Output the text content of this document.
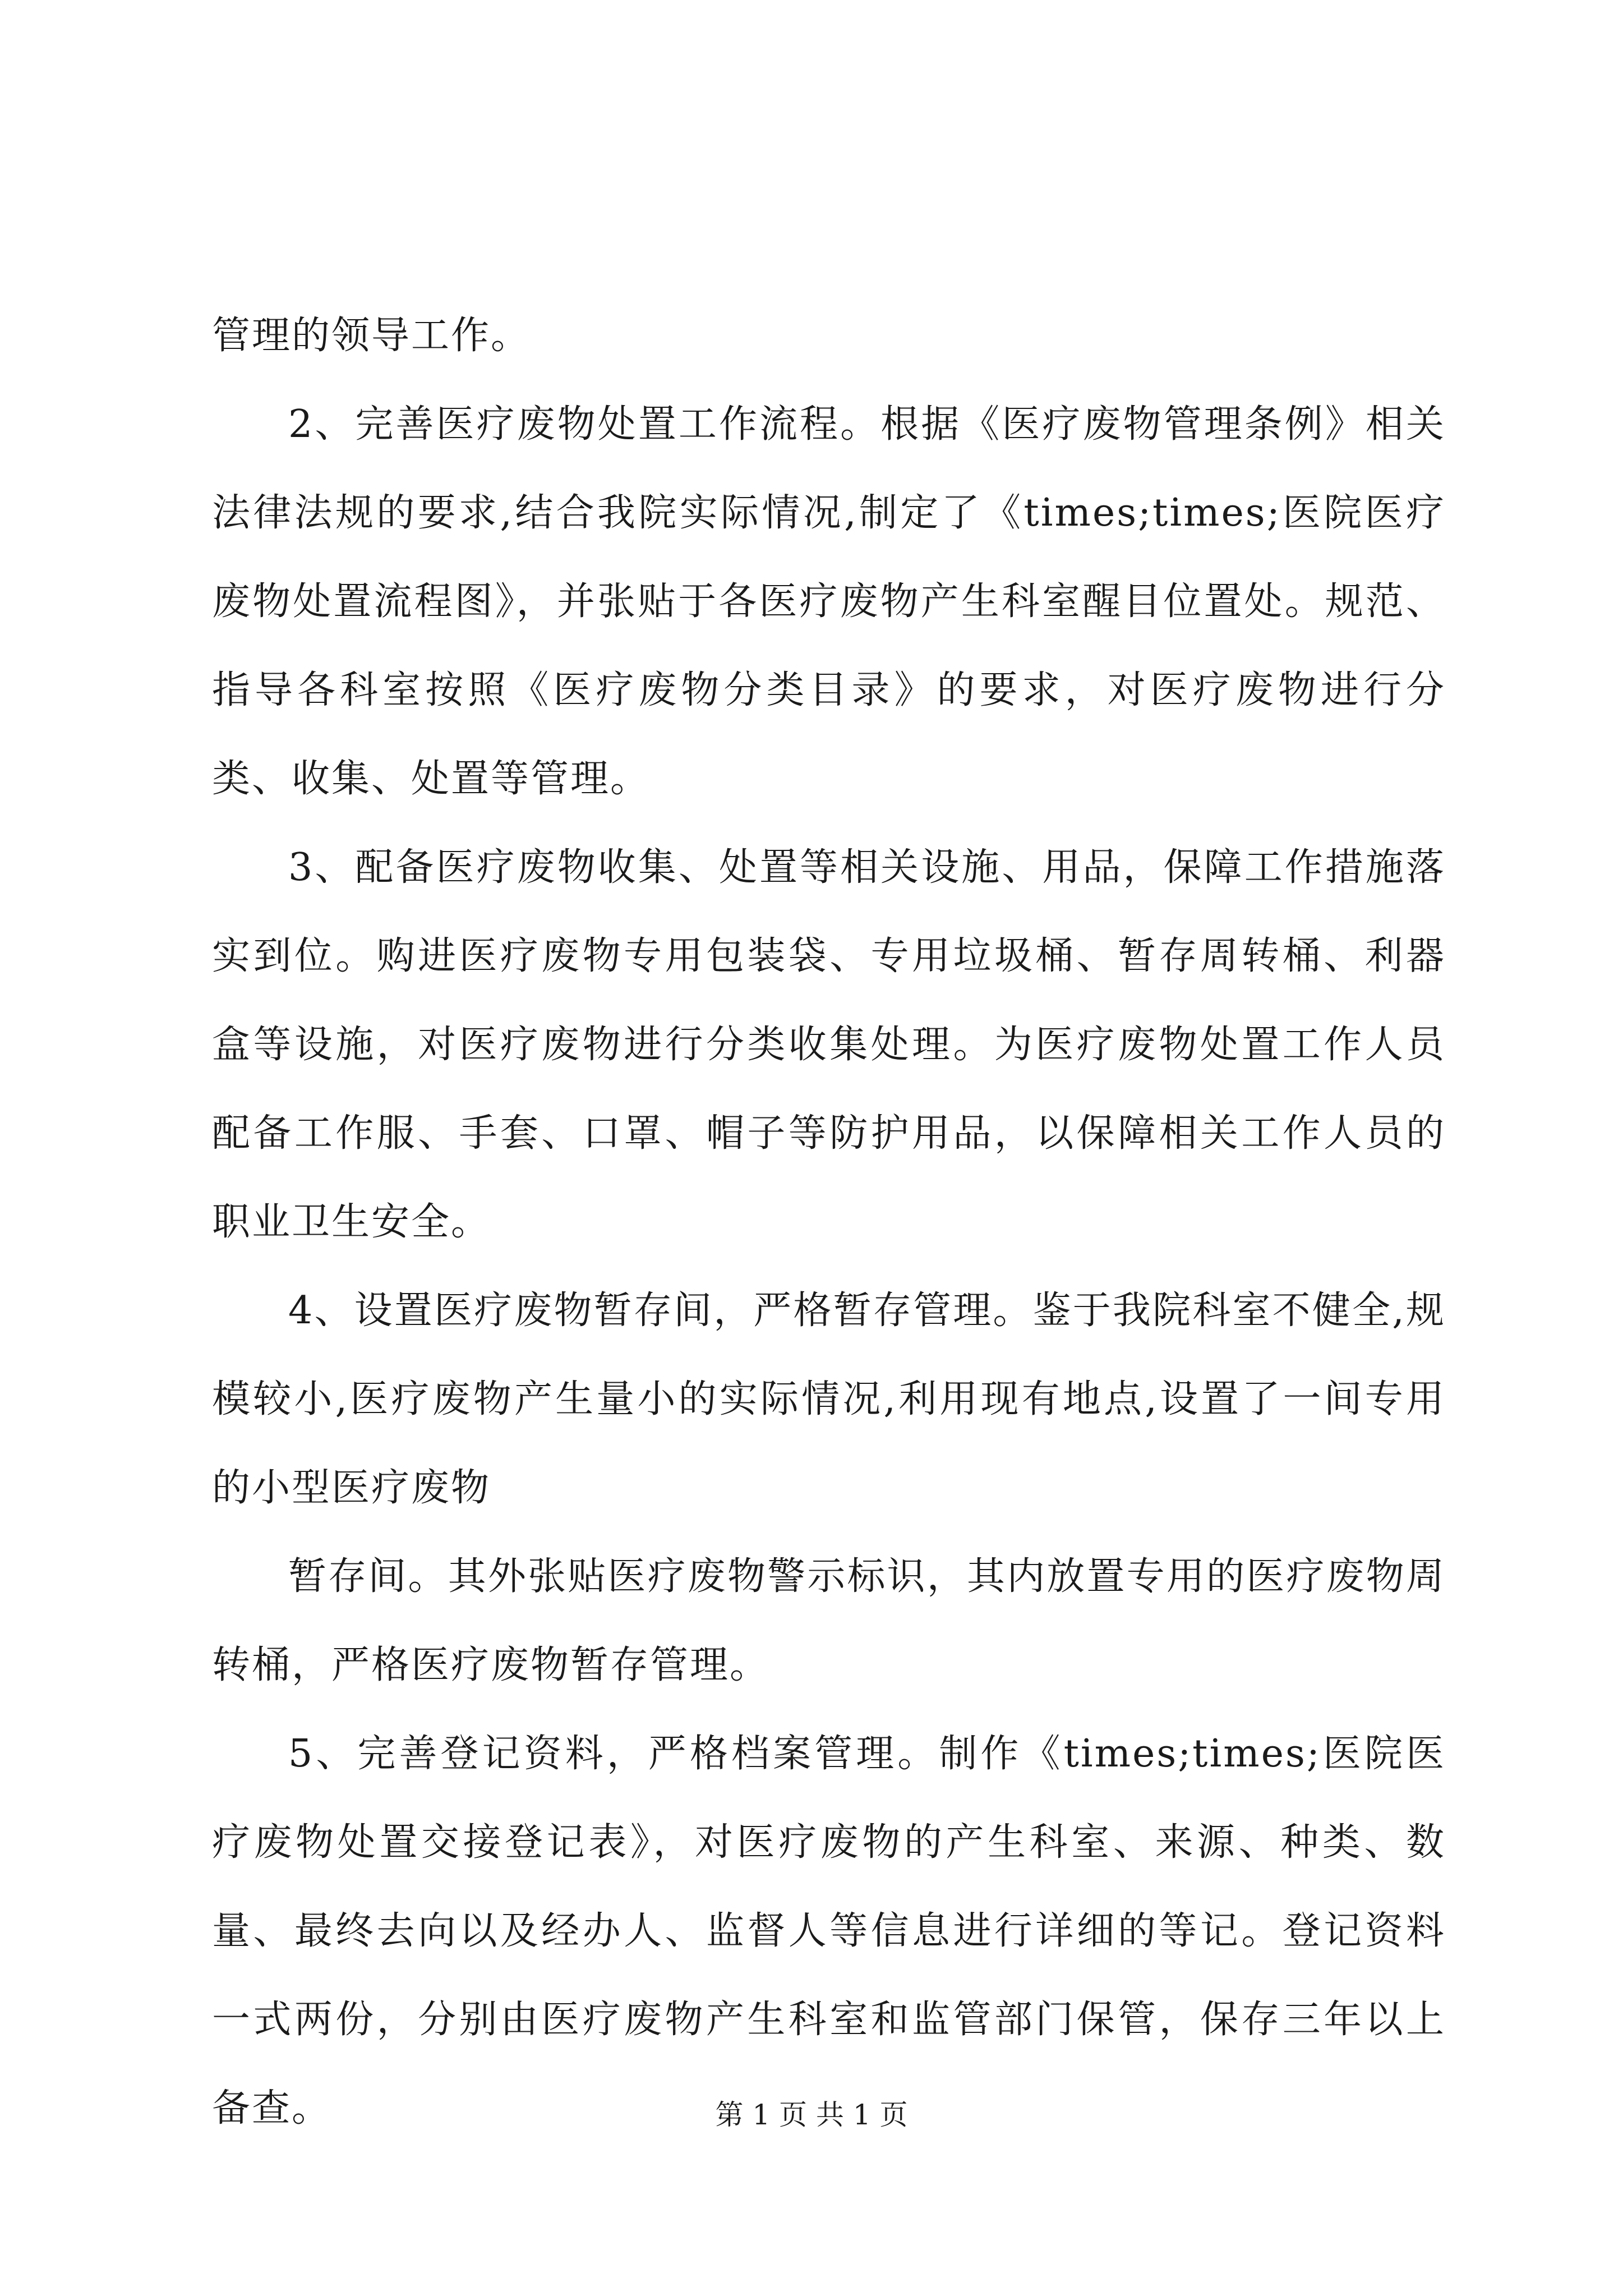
管理的领导工作。

2、完善医疗废物处置工作流程。根据《医疗废物管理条例》相关法律法规的要求,结合我院实际情况,制定了《times;times;医院医疗废物处置流程图》，并张贴于各医疗废物产生科室醒目位置处。规范、指导各科室按照《医疗废物分类目录》的要求，对医疗废物进行分类、收集、处置等管理。

3、配备医疗废物收集、处置等相关设施、用品，保障工作措施落实到位。购进医疗废物专用包装袋、专用垃圾桶、暂存周转桶、利器盒等设施，对医疗废物进行分类收集处理。为医疗废物处置工作人员配备工作服、手套、口罩、帽子等防护用品，以保障相关工作人员的职业卫生安全。

4、设置医疗废物暂存间，严格暂存管理。鉴于我院科室不健全,规模较小,医疗废物产生量小的实际情况,利用现有地点,设置了一间专用的小型医疗废物

暂存间。其外张贴医疗废物警示标识，其内放置专用的医疗废物周转桶，严格医疗废物暂存管理。

5、完善登记资料，严格档案管理。制作《times;times;医院医疗废物处置交接登记表》，对医疗废物的产生科室、来源、种类、数量、最终去向以及经办人、监督人等信息进行详细的等记。登记资料一式两份，分别由医疗废物产生科室和监管部门保管，保存三年以上备查。	第 1 页 共 1 页
